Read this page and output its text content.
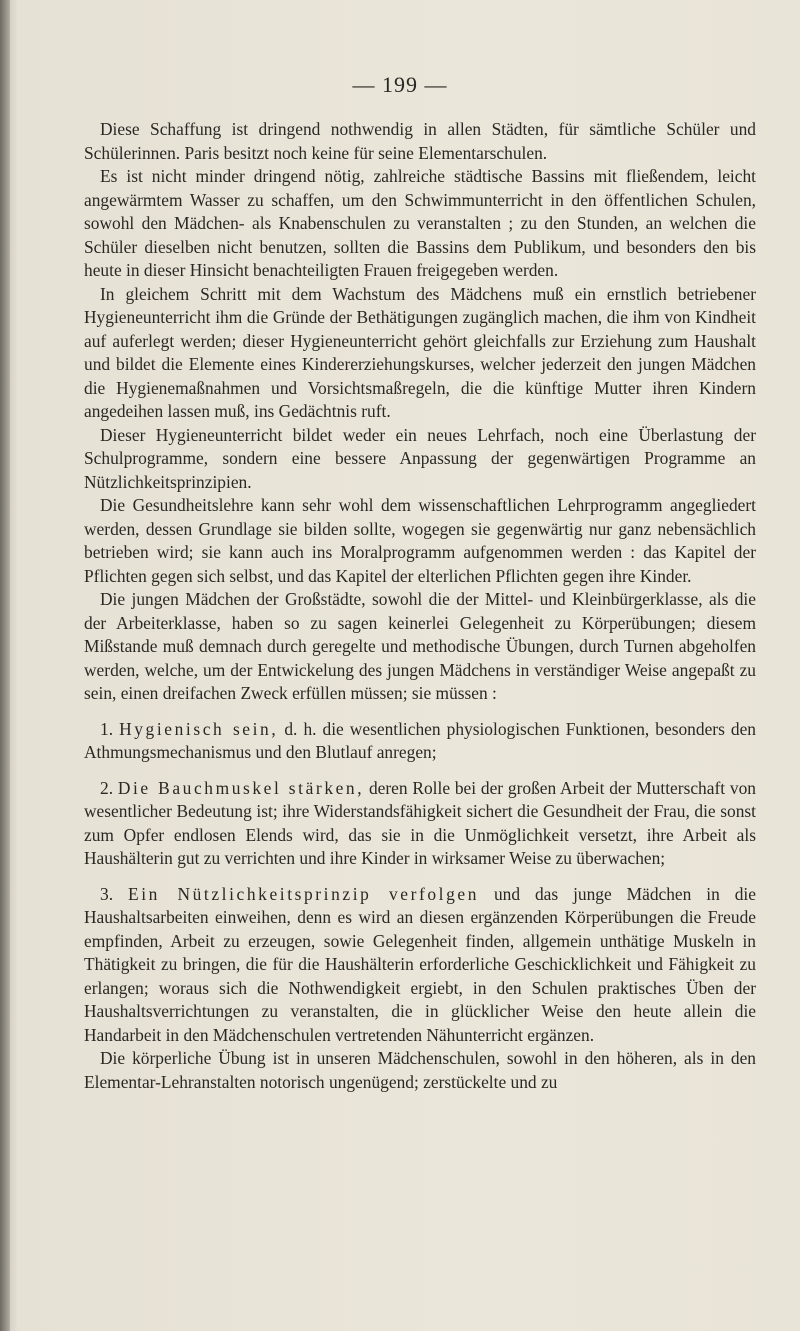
— 199 —

Diese Schaffung ist dringend nothwendig in allen Städten, für sämtliche Schüler und Schülerinnen. Paris besitzt noch keine für seine Elementarschulen.

Es ist nicht minder dringend nötig, zahlreiche städtische Bassins mit fließendem, leicht angewärmtem Wasser zu schaffen, um den Schwimmunterricht in den öffentlichen Schulen, sowohl den Mädchen- als Knabenschulen zu veranstalten ; zu den Stunden, an welchen die Schüler dieselben nicht benutzen, sollten die Bassins dem Publikum, und besonders den bis heute in dieser Hinsicht benachteiligten Frauen freigegeben werden.

In gleichem Schritt mit dem Wachstum des Mädchens muß ein ernstlich betriebener Hygieneunterricht ihm die Gründe der Bethätigungen zugänglich machen, die ihm von Kindheit auf auferlegt werden; dieser Hygieneunterricht gehört gleichfalls zur Erziehung zum Haushalt und bildet die Elemente eines Kindererziehungskurses, welcher jederzeit den jungen Mädchen die Hygienemaßnahmen und Vorsichtsmaßregeln, die die künftige Mutter ihren Kindern angedeihen lassen muß, ins Gedächtnis ruft.

Dieser Hygieneunterricht bildet weder ein neues Lehrfach, noch eine Überlastung der Schulprogramme, sondern eine bessere Anpassung der gegenwärtigen Programme an Nützlichkeitsprinzipien.

Die Gesundheitslehre kann sehr wohl dem wissenschaftlichen Lehrprogramm angegliedert werden, dessen Grundlage sie bilden sollte, wogegen sie gegenwärtig nur ganz nebensächlich betrieben wird; sie kann auch ins Moralprogramm aufgenommen werden : das Kapitel der Pflichten gegen sich selbst, und das Kapitel der elterlichen Pflichten gegen ihre Kinder.

Die jungen Mädchen der Großstädte, sowohl die der Mittel- und Kleinbürgerklasse, als die der Arbeiterklasse, haben so zu sagen keinerlei Gelegenheit zu Körperübungen; diesem Mißstande muß demnach durch geregelte und methodische Übungen, durch Turnen abgeholfen werden, welche, um der Entwickelung des jungen Mädchens in verständiger Weise angepaßt zu sein, einen dreifachen Zweck erfüllen müssen; sie müssen :

1. Hygienisch sein, d. h. die wesentlichen physiologischen Funktionen, besonders den Athmungsmechanismus und den Blutlauf anregen;

2. Die Bauchmuskel stärken, deren Rolle bei der großen Arbeit der Mutterschaft von wesentlicher Bedeutung ist; ihre Widerstandsfähigkeit sichert die Gesundheit der Frau, die sonst zum Opfer endlosen Elends wird, das sie in die Unmöglichkeit versetzt, ihre Arbeit als Haushälterin gut zu verrichten und ihre Kinder in wirksamer Weise zu überwachen;

3. Ein Nützlichkeitsprinzip verfolgen und das junge Mädchen in die Haushaltsarbeiten einweihen, denn es wird an diesen ergänzenden Körperübungen die Freude empfinden, Arbeit zu erzeugen, sowie Gelegenheit finden, allgemein unthätige Muskeln in Thätigkeit zu bringen, die für die Haushälterin erforderliche Geschicklichkeit und Fähigkeit zu erlangen; woraus sich die Nothwendigkeit ergiebt, in den Schulen praktisches Üben der Haushaltsverrichtungen zu veranstalten, die in glücklicher Weise den heute allein die Handarbeit in den Mädchenschulen vertretenden Nähunterricht ergänzen.

Die körperliche Übung ist in unseren Mädchenschulen, sowohl in den höheren, als in den Elementar-Lehranstalten notorisch ungenügend; zerstückelte und zu
